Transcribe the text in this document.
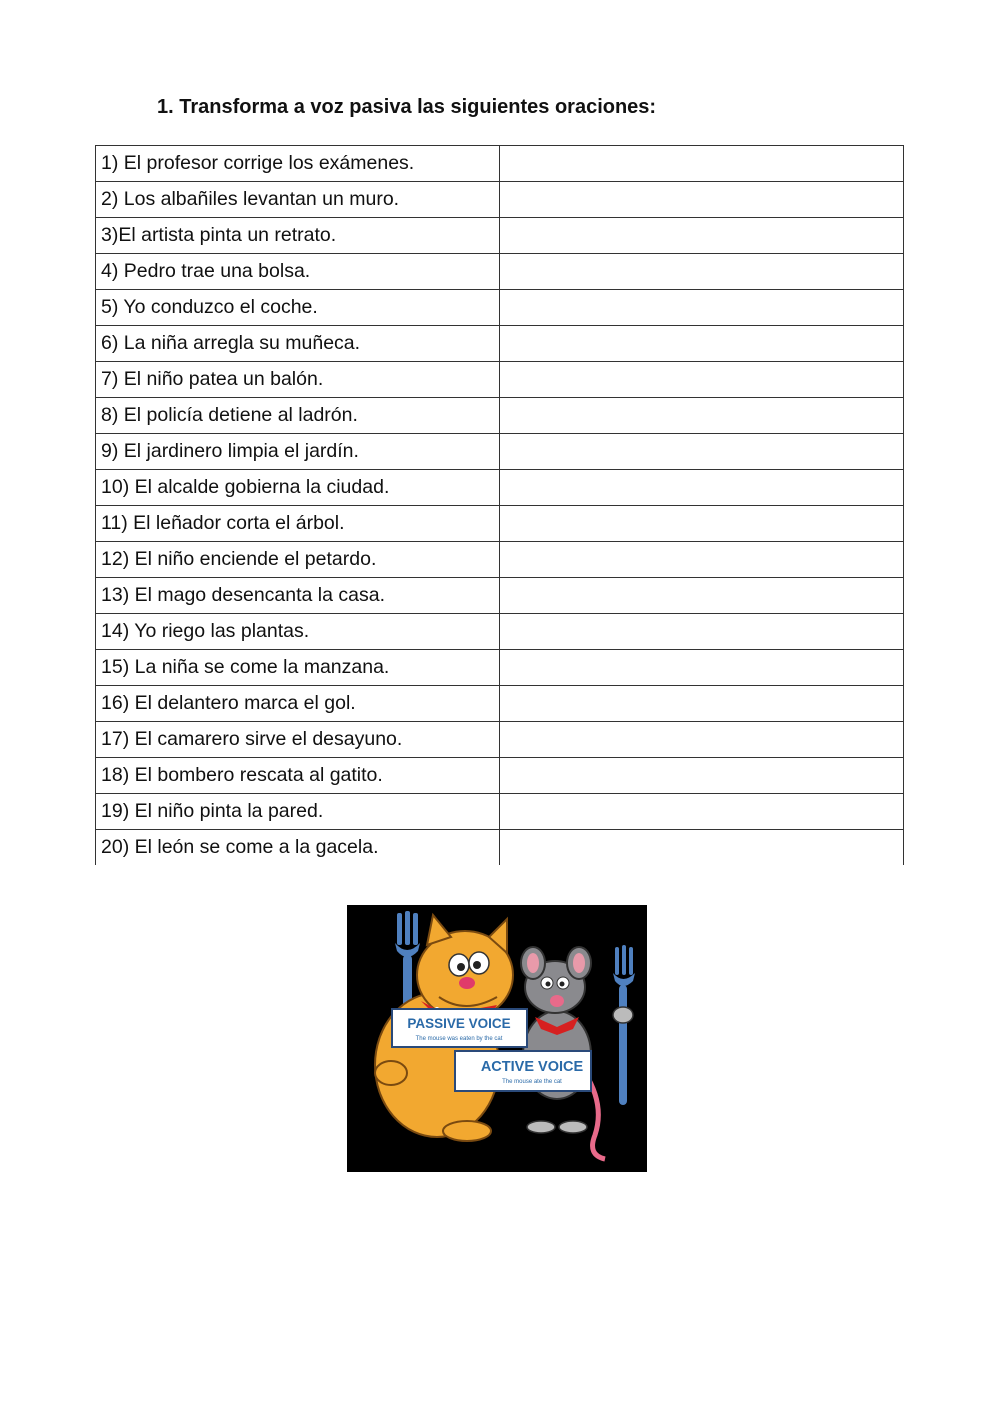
1. Transforma a voz pasiva las siguientes oraciones:
1) El profesor corrige los exámenes.	

2) Los albañiles levantan un muro.	

3)El artista pinta un retrato.	

4) Pedro trae una bolsa.	

5) Yo conduzco el coche.	

6) La niña arregla su muñeca.	

7) El niño patea un balón.	

8) El policía detiene al ladrón.	

9) El jardinero limpia el jardín.	

10) El alcalde gobierna la ciudad.	

11) El leñador corta el árbol.	

12) El niño enciende el petardo.	

13) El mago desencanta la casa.	

14) Yo riego las plantas.	

15) La niña se come la manzana.	

16) El delantero marca el gol.	

17) El camarero sirve el desayuno.	

18) El bombero rescata al gatito.	

19) El niño pinta la pared.	

20) El león se come a la gacela.	
PASSIVE VOICE
The mouse was eaten by the cat
ACTIVE VOICE
The mouse ate the cat
